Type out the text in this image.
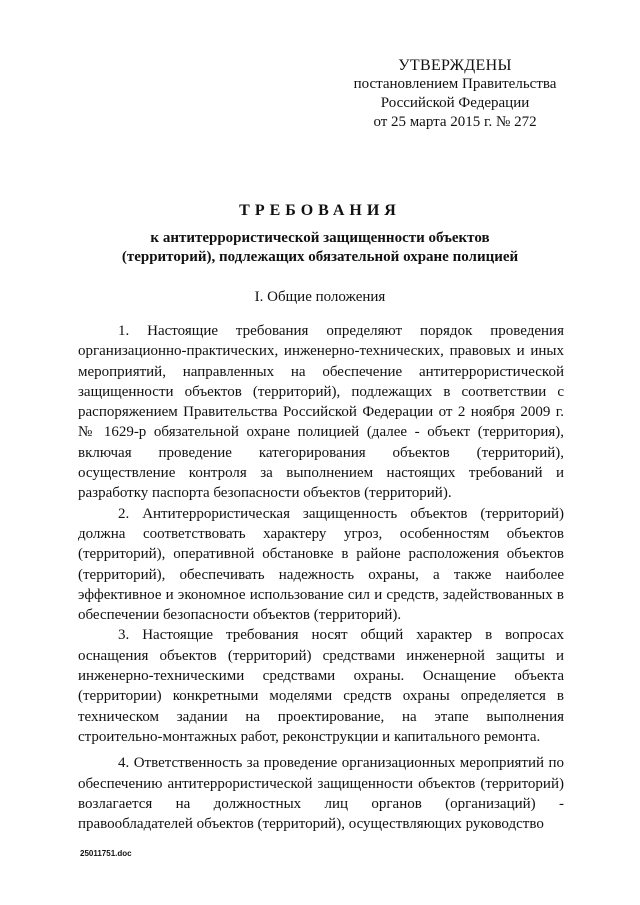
УТВЕРЖДЕНЫ
постановлением Правительства
Российской Федерации
от 25 марта 2015 г. № 272
ТРЕБОВАНИЯ
к антитеррористической защищенности объектов
(территорий), подлежащих обязательной охране полицией
I. Общие положения

1. Настоящие требования определяют порядок проведения организационно-практических, инженерно-технических, правовых и иных мероприятий, направленных на обеспечение антитеррористической защищенности объектов (территорий), подлежащих в соответствии с распоряжением Правительства Российской Федерации от 2 ноября 2009 г. № 1629-р обязательной охране полицией (далее - объект (территория), включая проведение категорирования объектов (территорий), осуществление контроля за выполнением настоящих требований и разработку паспорта безопасности объектов (территорий).

2. Антитеррористическая защищенность объектов (территорий) должна соответствовать характеру угроз, особенностям объектов (территорий), оперативной обстановке в районе расположения объектов (территорий), обеспечивать надежность охраны, а также наиболее эффективное и экономное использование сил и средств, задействованных в обеспечении безопасности объектов (территорий).

3. Настоящие требования носят общий характер в вопросах оснащения объектов (территорий) средствами инженерной защиты и инженерно-техническими средствами охраны. Оснащение объекта (территории) конкретными моделями средств охраны определяется в техническом задании на проектирование, на этапе выполнения строительно-монтажных работ, реконструкции и капитального ремонта.

4. Ответственность за проведение организационных мероприятий по обеспечению антитеррористической защищенности объектов (территорий) возлагается на должностных лиц органов (организаций) - правообладателей объектов (территорий), осуществляющих руководство

25011751.doc
